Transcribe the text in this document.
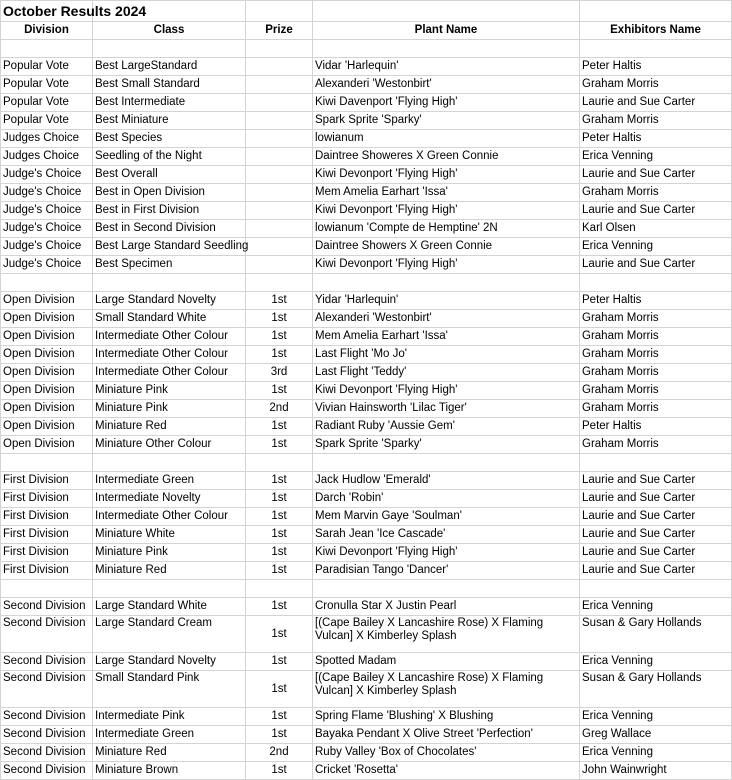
October Results 2024				
Division	Class	Prize	Plant Name	Exhibitors Name

Popular Vote	Best LargeStandard		Vidar 'Harlequin'	Peter Haltis
Popular Vote	Best Small Standard		Alexanderi 'Westonbirt'	Graham Morris
Popular Vote	Best Intermediate		Kiwi Davenport 'Flying High'	Laurie and Sue Carter
Popular Vote	Best Miniature		Spark Sprite 'Sparky'	Graham Morris
Judges Choice	Best Species		lowianum	Peter Haltis
Judges Choice	Seedling of the Night		Daintree Showeres X Green Connie	Erica Venning
Judge's Choice	Best Overall		Kiwi Devonport 'Flying High'	Laurie and Sue Carter
Judge's Choice	Best in Open Division		Mem Amelia Earhart 'Issa'	Graham Morris
Judge's Choice	Best in First Division		Kiwi Devonport 'Flying High'	Laurie and Sue Carter
Judge's Choice	Best in Second Division		lowianum 'Compte de Hemptine' 2N	Karl Olsen
Judge's Choice	Best Large Standard Seedling		Daintree Showers X Green Connie	Erica Venning
Judge's Choice	Best Specimen		Kiwi Devonport 'Flying High'	Laurie and Sue Carter

Open Division	Large Standard Novelty	1st	Yidar 'Harlequin'	Peter Haltis
Open Division	Small Standard White	1st	Alexanderi 'Westonbirt'	Graham Morris
Open Division	Intermediate Other Colour	1st	Mem Amelia Earhart 'Issa'	Graham Morris
Open Division	Intermediate Other Colour	1st	Last Flight 'Mo Jo'	Graham Morris
Open Division	Intermediate Other Colour	3rd	Last Flight 'Teddy'	Graham Morris
Open Division	Miniature Pink	1st	Kiwi Devonport 'Flying High'	Graham Morris
Open Division	Miniature Pink	2nd	Vivian Hainsworth 'Lilac Tiger'	Graham Morris
Open Division	Miniature Red	1st	Radiant Ruby 'Aussie Gem'	Peter Haltis
Open Division	Miniature Other Colour	1st	Spark Sprite 'Sparky'	Graham Morris

First Division	Intermediate Green	1st	Jack Hudlow 'Emerald'	Laurie and Sue Carter
First Division	Intermediate Novelty	1st	Darch 'Robin'	Laurie and Sue Carter
First Division	Intermediate Other Colour	1st	Mem Marvin Gaye 'Soulman'	Laurie and Sue Carter
First Division	Miniature White	1st	Sarah Jean 'Ice Cascade'	Laurie and Sue Carter
First Division	Miniature Pink	1st	Kiwi Devonport 'Flying High'	Laurie and Sue Carter
First Division	Miniature Red	1st	Paradisian Tango 'Dancer'	Laurie and Sue Carter

Second Division	Large Standard White	1st	Cronulla Star X Justin Pearl	Erica Venning
Second Division	Large Standard Cream	1st	[(Cape Bailey X Lancashire Rose) X Flaming Vulcan] X Kimberley Splash	Susan & Gary Hollands
Second Division	Large Standard Novelty	1st	Spotted Madam	Erica Venning
Second Division	Small Standard Pink	1st	[(Cape Bailey X Lancashire Rose) X Flaming Vulcan] X Kimberley Splash	Susan & Gary Hollands
Second Division	Intermediate Pink	1st	Spring Flame 'Blushing' X Blushing	Erica Venning
Second Division	Intermediate Green	1st	Bayaka Pendant X Olive Street 'Perfection'	Greg Wallace
Second Division	Miniature Red	2nd	Ruby Valley 'Box of Chocolates'	Erica Venning
Second Division	Miniature Brown	1st	Cricket 'Rosetta'	John Wainwright
